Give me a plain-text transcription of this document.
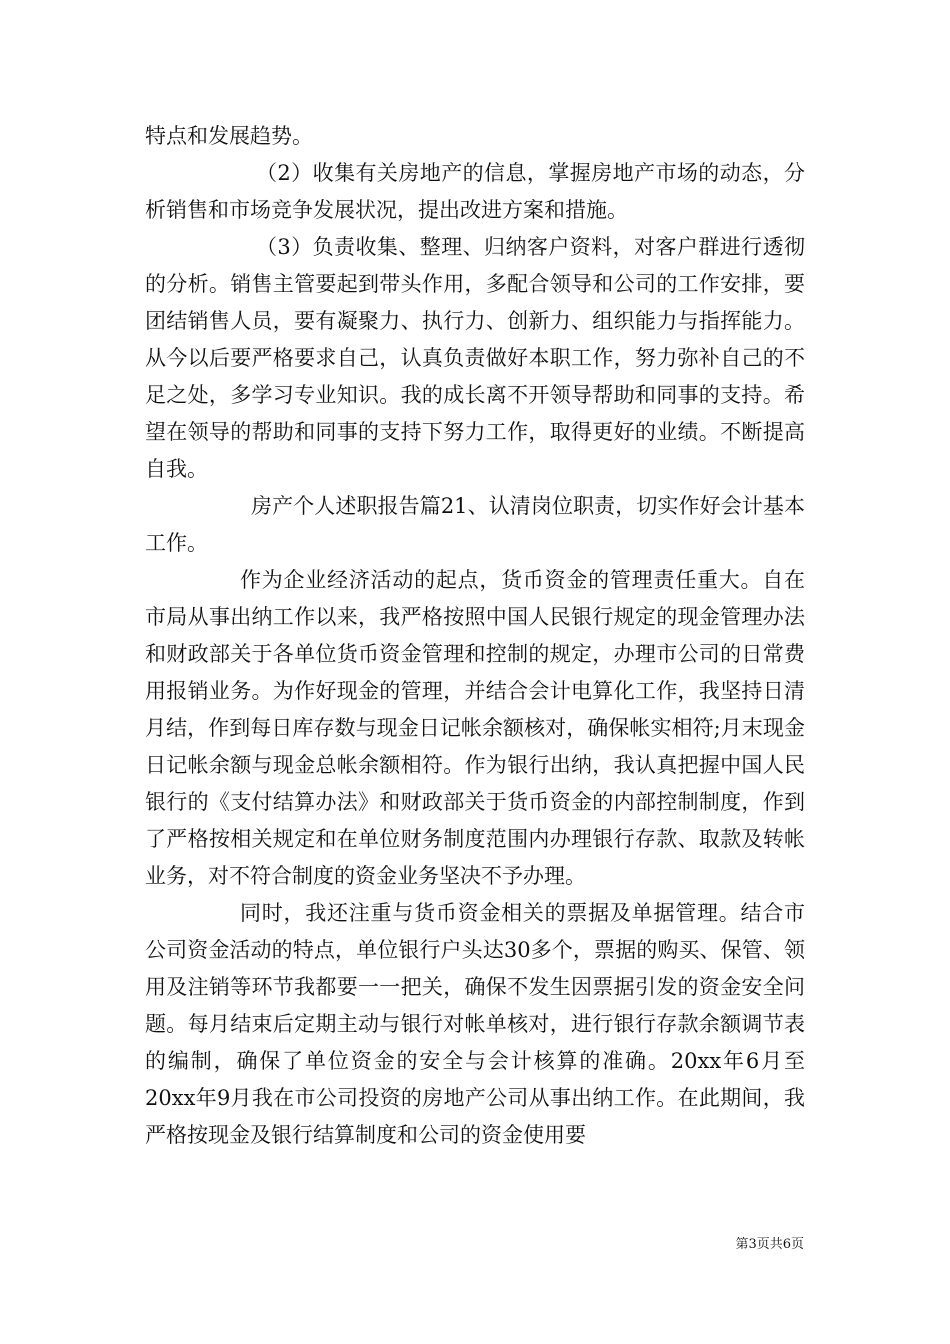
特点和发展趋势。

（2）收集有关房地产的信息，掌握房地产市场的动态，分析销售和市场竞争发展状况，提出改进方案和措施。

（3）负责收集、整理、归纳客户资料，对客户群进行透彻的分析。销售主管要起到带头作用，多配合领导和公司的工作安排，要团结销售人员，要有凝聚力、执行力、创新力、组织能力与指挥能力。从今以后要严格要求自己，认真负责做好本职工作，努力弥补自己的不足之处，多学习专业知识。我的成长离不开领导帮助和同事的支持。希望在领导的帮助和同事的支持下努力工作，取得更好的业绩。不断提高自我。

房产个人述职报告篇21、认清岗位职责，切实作好会计基本工作。

作为企业经济活动的起点，货币资金的管理责任重大。自在市局从事出纳工作以来，我严格按照中国人民银行规定的现金管理办法和财政部关于各单位货币资金管理和控制的规定，办理市公司的日常费用报销业务。为作好现金的管理，并结合会计电算化工作，我坚持日清月结，作到每日库存数与现金日记帐余额核对，确保帐实相符;月末现金日记帐余额与现金总帐余额相符。作为银行出纳，我认真把握中国人民银行的《支付结算办法》和财政部关于货币资金的内部控制制度，作到了严格按相关规定和在单位财务制度范围内办理银行存款、取款及转帐业务，对不符合制度的资金业务坚决不予办理。

同时，我还注重与货币资金相关的票据及单据管理。结合市公司资金活动的特点，单位银行户头达30多个，票据的购买、保管、领用及注销等环节我都要一一把关，确保不发生因票据引发的资金安全问题。每月结束后定期主动与银行对帐单核对，进行银行存款余额调节表的编制，确保了单位资金的安全与会计核算的准确。20xx年6月至20xx年9月我在市公司投资的房地产公司从事出纳工作。在此期间，我严格按现金及银行结算制度和公司的资金使用要

第3页共6页
